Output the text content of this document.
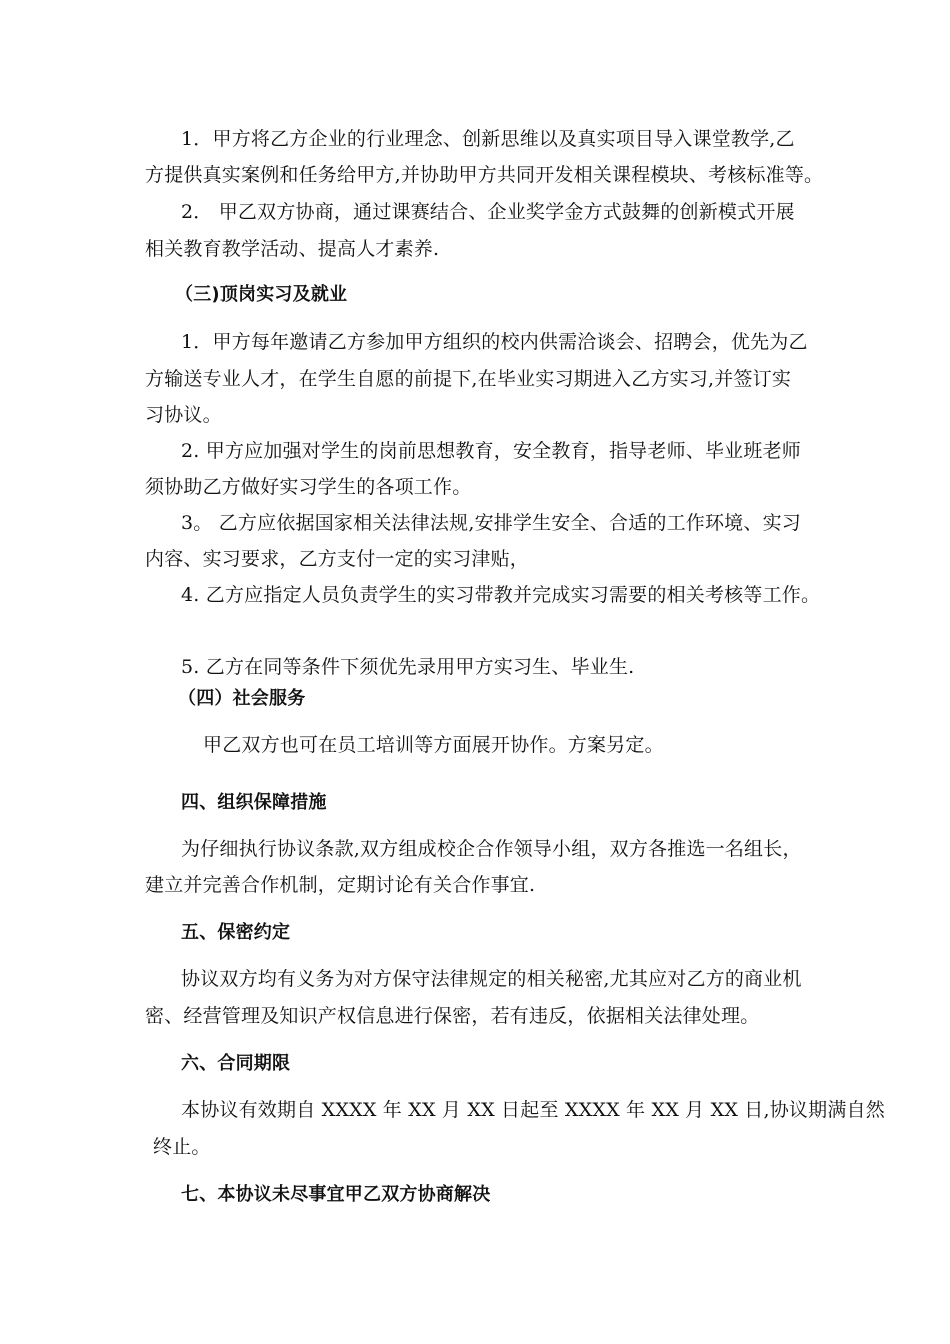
1．甲方将乙方企业的行业理念、创新思维以及真实项目导入课堂教学,乙
方提供真实案例和任务给甲方,并协助甲方共同开发相关课程模块、考核标准等。
2． 甲乙双方协商，通过课赛结合、企业奖学金方式鼓舞的创新模式开展
相关教育教学活动、提高人才素养.
（三)顶岗实习及就业
1．甲方每年邀请乙方参加甲方组织的校内供需洽谈会、招聘会，优先为乙
方输送专业人才，在学生自愿的前提下,在毕业实习期进入乙方实习,并签订实
习协议。
2. 甲方应加强对学生的岗前思想教育，安全教育，指导老师、毕业班老师
须协助乙方做好实习学生的各项工作。
3。 乙方应依据国家相关法律法规,安排学生安全、合适的工作环境、实习
内容、实习要求，乙方支付一定的实习津贴，
4. 乙方应指定人员负责学生的实习带教并完成实习需要的相关考核等工作。
5. 乙方在同等条件下须优先录用甲方实习生、毕业生.
（四）社会服务
甲乙双方也可在员工培训等方面展开协作。方案另定。
四、组织保障措施
为仔细执行协议条款,双方组成校企合作领导小组，双方各推选一名组长，
建立并完善合作机制，定期讨论有关合作事宜.
五、保密约定
协议双方均有义务为对方保守法律规定的相关秘密,尤其应对乙方的商业机
密、经营管理及知识产权信息进行保密，若有违反，依据相关法律处理。
六、合同期限
本协议有效期自 XXXX 年 XX 月 XX 日起至 XXXX 年 XX 月 XX 日,协议期满自然
终止。
七、本协议未尽事宜甲乙双方协商解决
